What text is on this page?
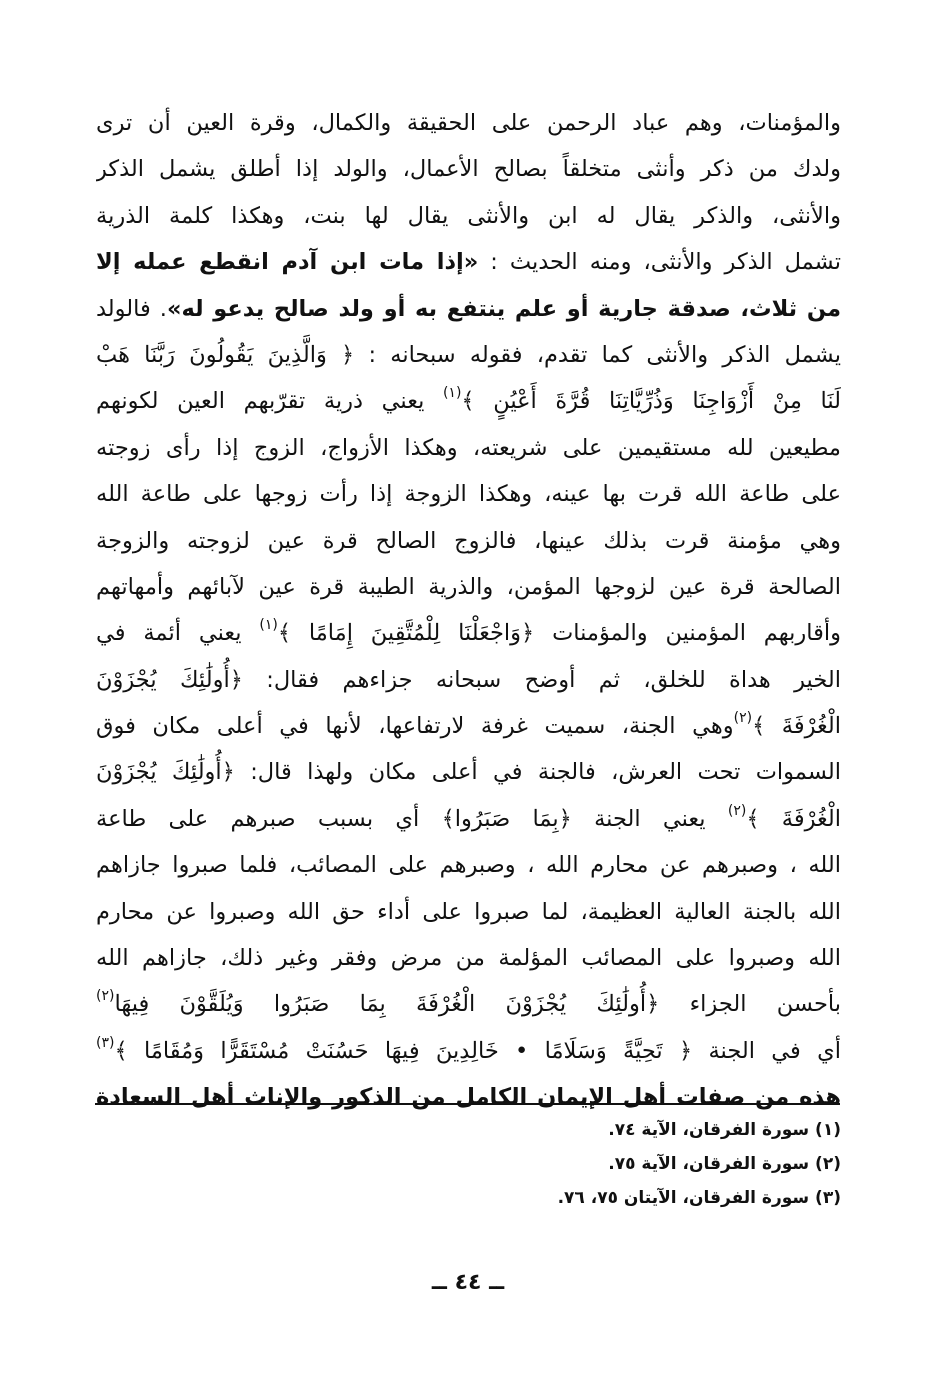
والمؤمنات، وهم عباد الرحمن على الحقيقة والكمال، وقرة العين أن ترى
ولدك من ذكر وأنثى متخلقاً بصالح الأعمال، والولد إذا أطلق يشمل الذكر
والأنثى، والذكر يقال له ابن والأنثى يقال لها بنت، وهكذا كلمة الذرية
تشمل الذكر والأنثى، ومنه الحديث : «إذا مات ابن آدم انقطع عمله إلا
من ثلاث، صدقة جارية أو علم ينتفع به أو ولد صالح يدعو له». فالولد
يشمل الذكر والأنثى كما تقدم، فقوله سبحانه : ﴿ وَالَّذِينَ يَقُولُونَ رَبَّنَا هَبْ
لَنَا مِنْ أَزْوَاجِنَا وَذُرِّيَّاتِنَا قُرَّةَ أَعْيُنٍ ﴾$^{(١)}$ يعني ذرية تقرّبهم العين لكونهم
مطيعين لله مستقيمين على شريعته، وهكذا الأزواج، الزوج إذا رأى زوجته
على طاعة الله قرت بها عينه، وهكذا الزوجة إذا رأت زوجها على طاعة الله
وهي مؤمنة قرت بذلك عينها، فالزوج الصالح قرة عين لزوجته والزوجة
الصالحة قرة عين لزوجها المؤمن، والذرية الطيبة قرة عين لآبائهم وأمهاتهم
وأقاربهم المؤمنين والمؤمنات ﴿وَاجْعَلْنَا لِلْمُتَّقِينَ إِمَامًا ﴾$^{(١)}$ يعني أئمة في
الخير هداة للخلق، ثم أوضح سبحانه جزاءهم فقال: ﴿أُولَٰئِكَ يُجْزَوْنَ
الْغُرْفَةَ ﴾$^{(٢)}$وهي الجنة، سميت غرفة لارتفاعها، لأنها في أعلى مكان فوق
السموات تحت العرش، فالجنة في أعلى مكان ولهذا قال: ﴿أُولَٰئِكَ يُجْزَوْنَ
الْغُرْفَةَ ﴾$^{(٢)}$ يعني الجنة ﴿بِمَا صَبَرُوا﴾ أي بسبب صبرهم على طاعة
الله ، وصبرهم عن محارم الله ، وصبرهم على المصائب، فلما صبروا جازاهم
الله بالجنة العالية العظيمة، لما صبروا على أداء حق الله وصبروا عن محارم
الله وصبروا على المصائب المؤلمة من مرض وفقر وغير ذلك، جازاهم الله
بأحسن الجزاء ﴿أُولَٰئِكَ يُجْزَوْنَ الْغُرْفَةَ بِمَا صَبَرُوا وَيُلَقَّوْنَ فِيهَا$^{(٢)}$
أي في الجنة ﴿ تَحِيَّةً وَسَلَامًا • خَالِدِينَ فِيهَا حَسُنَتْ مُسْتَقَرًّا وَمُقَامًا ﴾$^{(٣)}$
هذه من صفات أهل الإيمان الكامل من الذكور والإناث أهل السعادة
(١) سورة الفرقان، الآية ٧٤.
(٢) سورة الفرقان، الآية ٧٥.
(٣) سورة الفرقان، الآيتان ٧٥، ٧٦.
ــ ٤٤ ــ
